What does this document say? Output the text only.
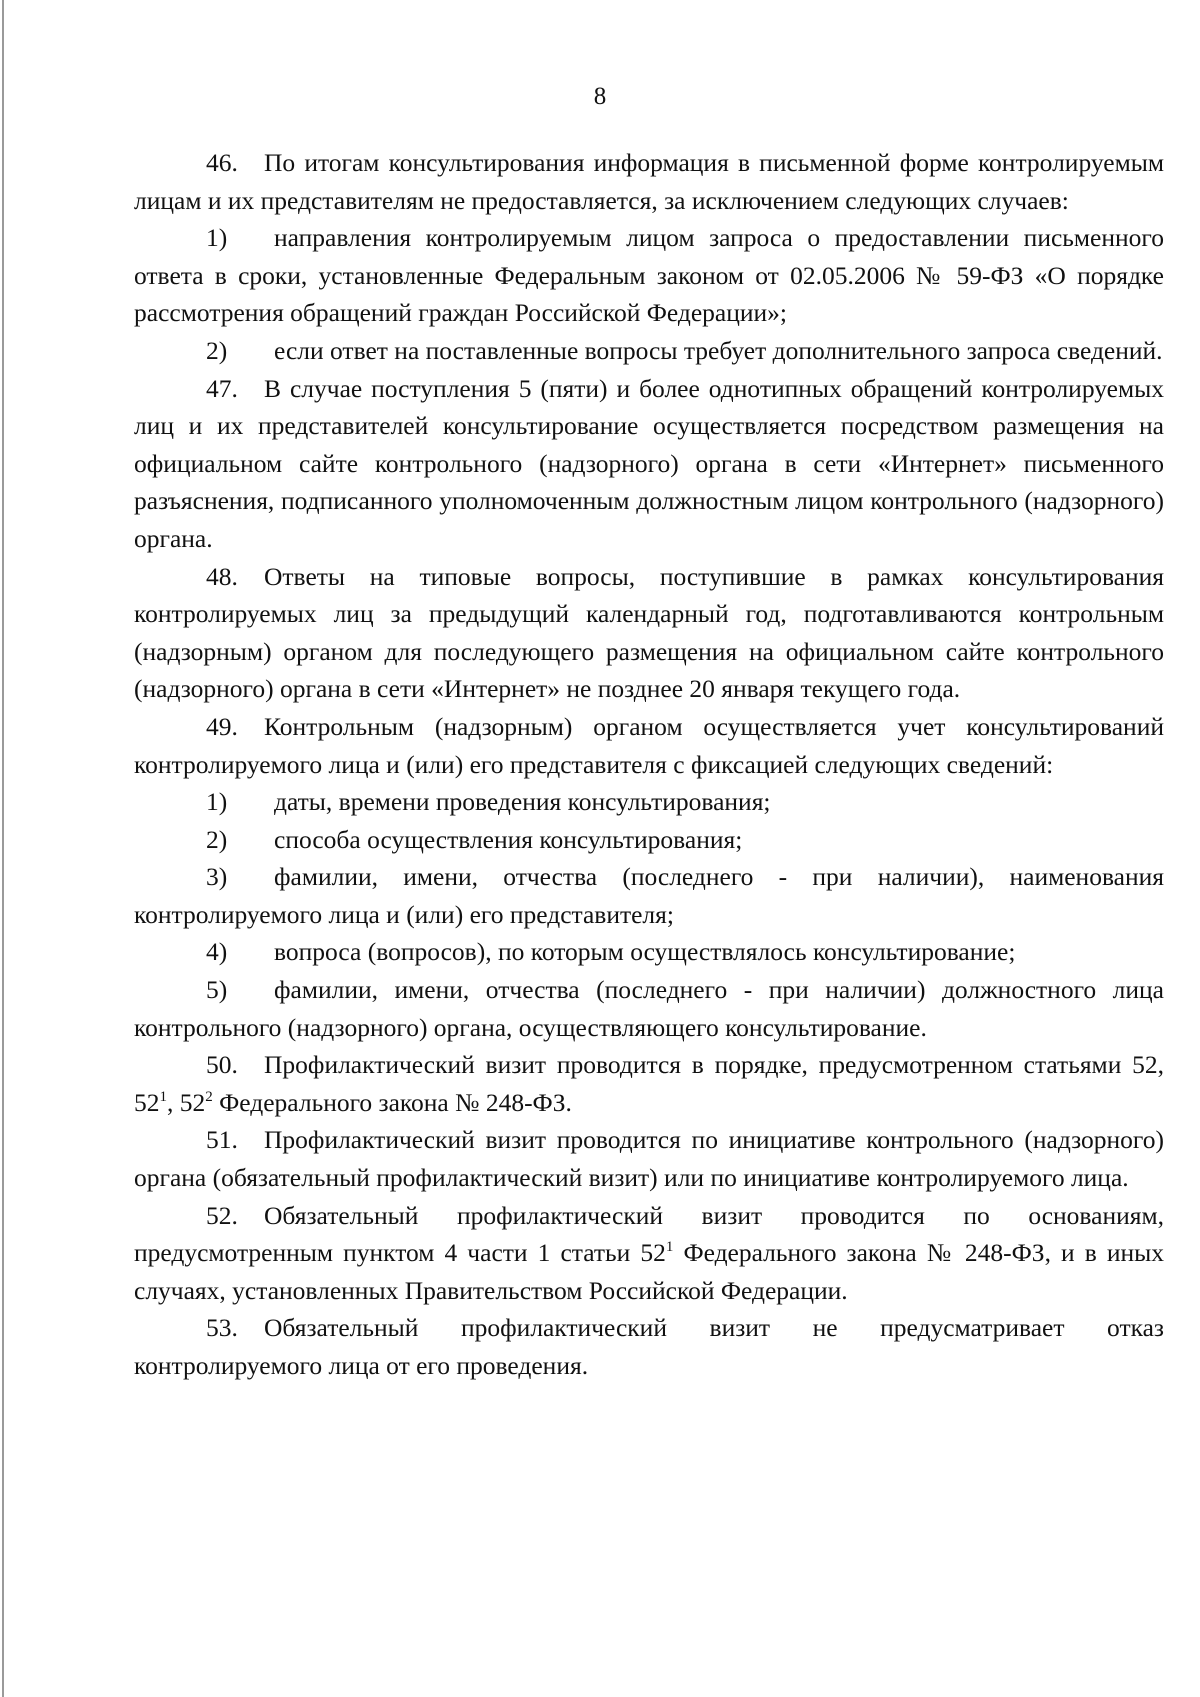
8

46. По итогам консультирования информация в письменной форме контролируемым лицам и их представителям не предоставляется, за исключением следующих случаев:

1) направления контролируемым лицом запроса о предоставлении письменного ответа в сроки, установленные Федеральным законом от 02.05.2006 № 59-ФЗ «О порядке рассмотрения обращений граждан Российской Федерации»;

2) если ответ на поставленные вопросы требует дополнительного запроса сведений.

47. В случае поступления 5 (пяти) и более однотипных обращений контролируемых лиц и их представителей консультирование осуществляется посредством размещения на официальном сайте контрольного (надзорного) органа в сети «Интернет» письменного разъяснения, подписанного уполномоченным должностным лицом контрольного (надзорного) органа.

48. Ответы на типовые вопросы, поступившие в рамках консультирования контролируемых лиц за предыдущий календарный год, подготавливаются контрольным (надзорным) органом для последующего размещения на официальном сайте контрольного (надзорного) органа в сети «Интернет» не позднее 20 января текущего года.

49. Контрольным (надзорным) органом осуществляется учет консультирований контролируемого лица и (или) его представителя с фиксацией следующих сведений:

1) даты, времени проведения консультирования;

2) способа осуществления консультирования;

3) фамилии, имени, отчества (последнего - при наличии), наименования контролируемого лица и (или) его представителя;

4) вопроса (вопросов), по которым осуществлялось консультирование;

5) фамилии, имени, отчества (последнего - при наличии) должностного лица контрольного (надзорного) органа, осуществляющего консультирование.

50. Профилактический визит проводится в порядке, предусмотренном статьями 52, $52^1$, $52^2$ Федерального закона № 248-ФЗ.

51. Профилактический визит проводится по инициативе контрольного (надзорного) органа (обязательный профилактический визит) или по инициативе контролируемого лица.

52. Обязательный профилактический визит проводится по основаниям, предусмотренным пунктом 4 части 1 статьи $52^1$ Федерального закона № 248-ФЗ, и в иных случаях, установленных Правительством Российской Федерации.

53. Обязательный профилактический визит не предусматривает отказ контролируемого лица от его проведения.
